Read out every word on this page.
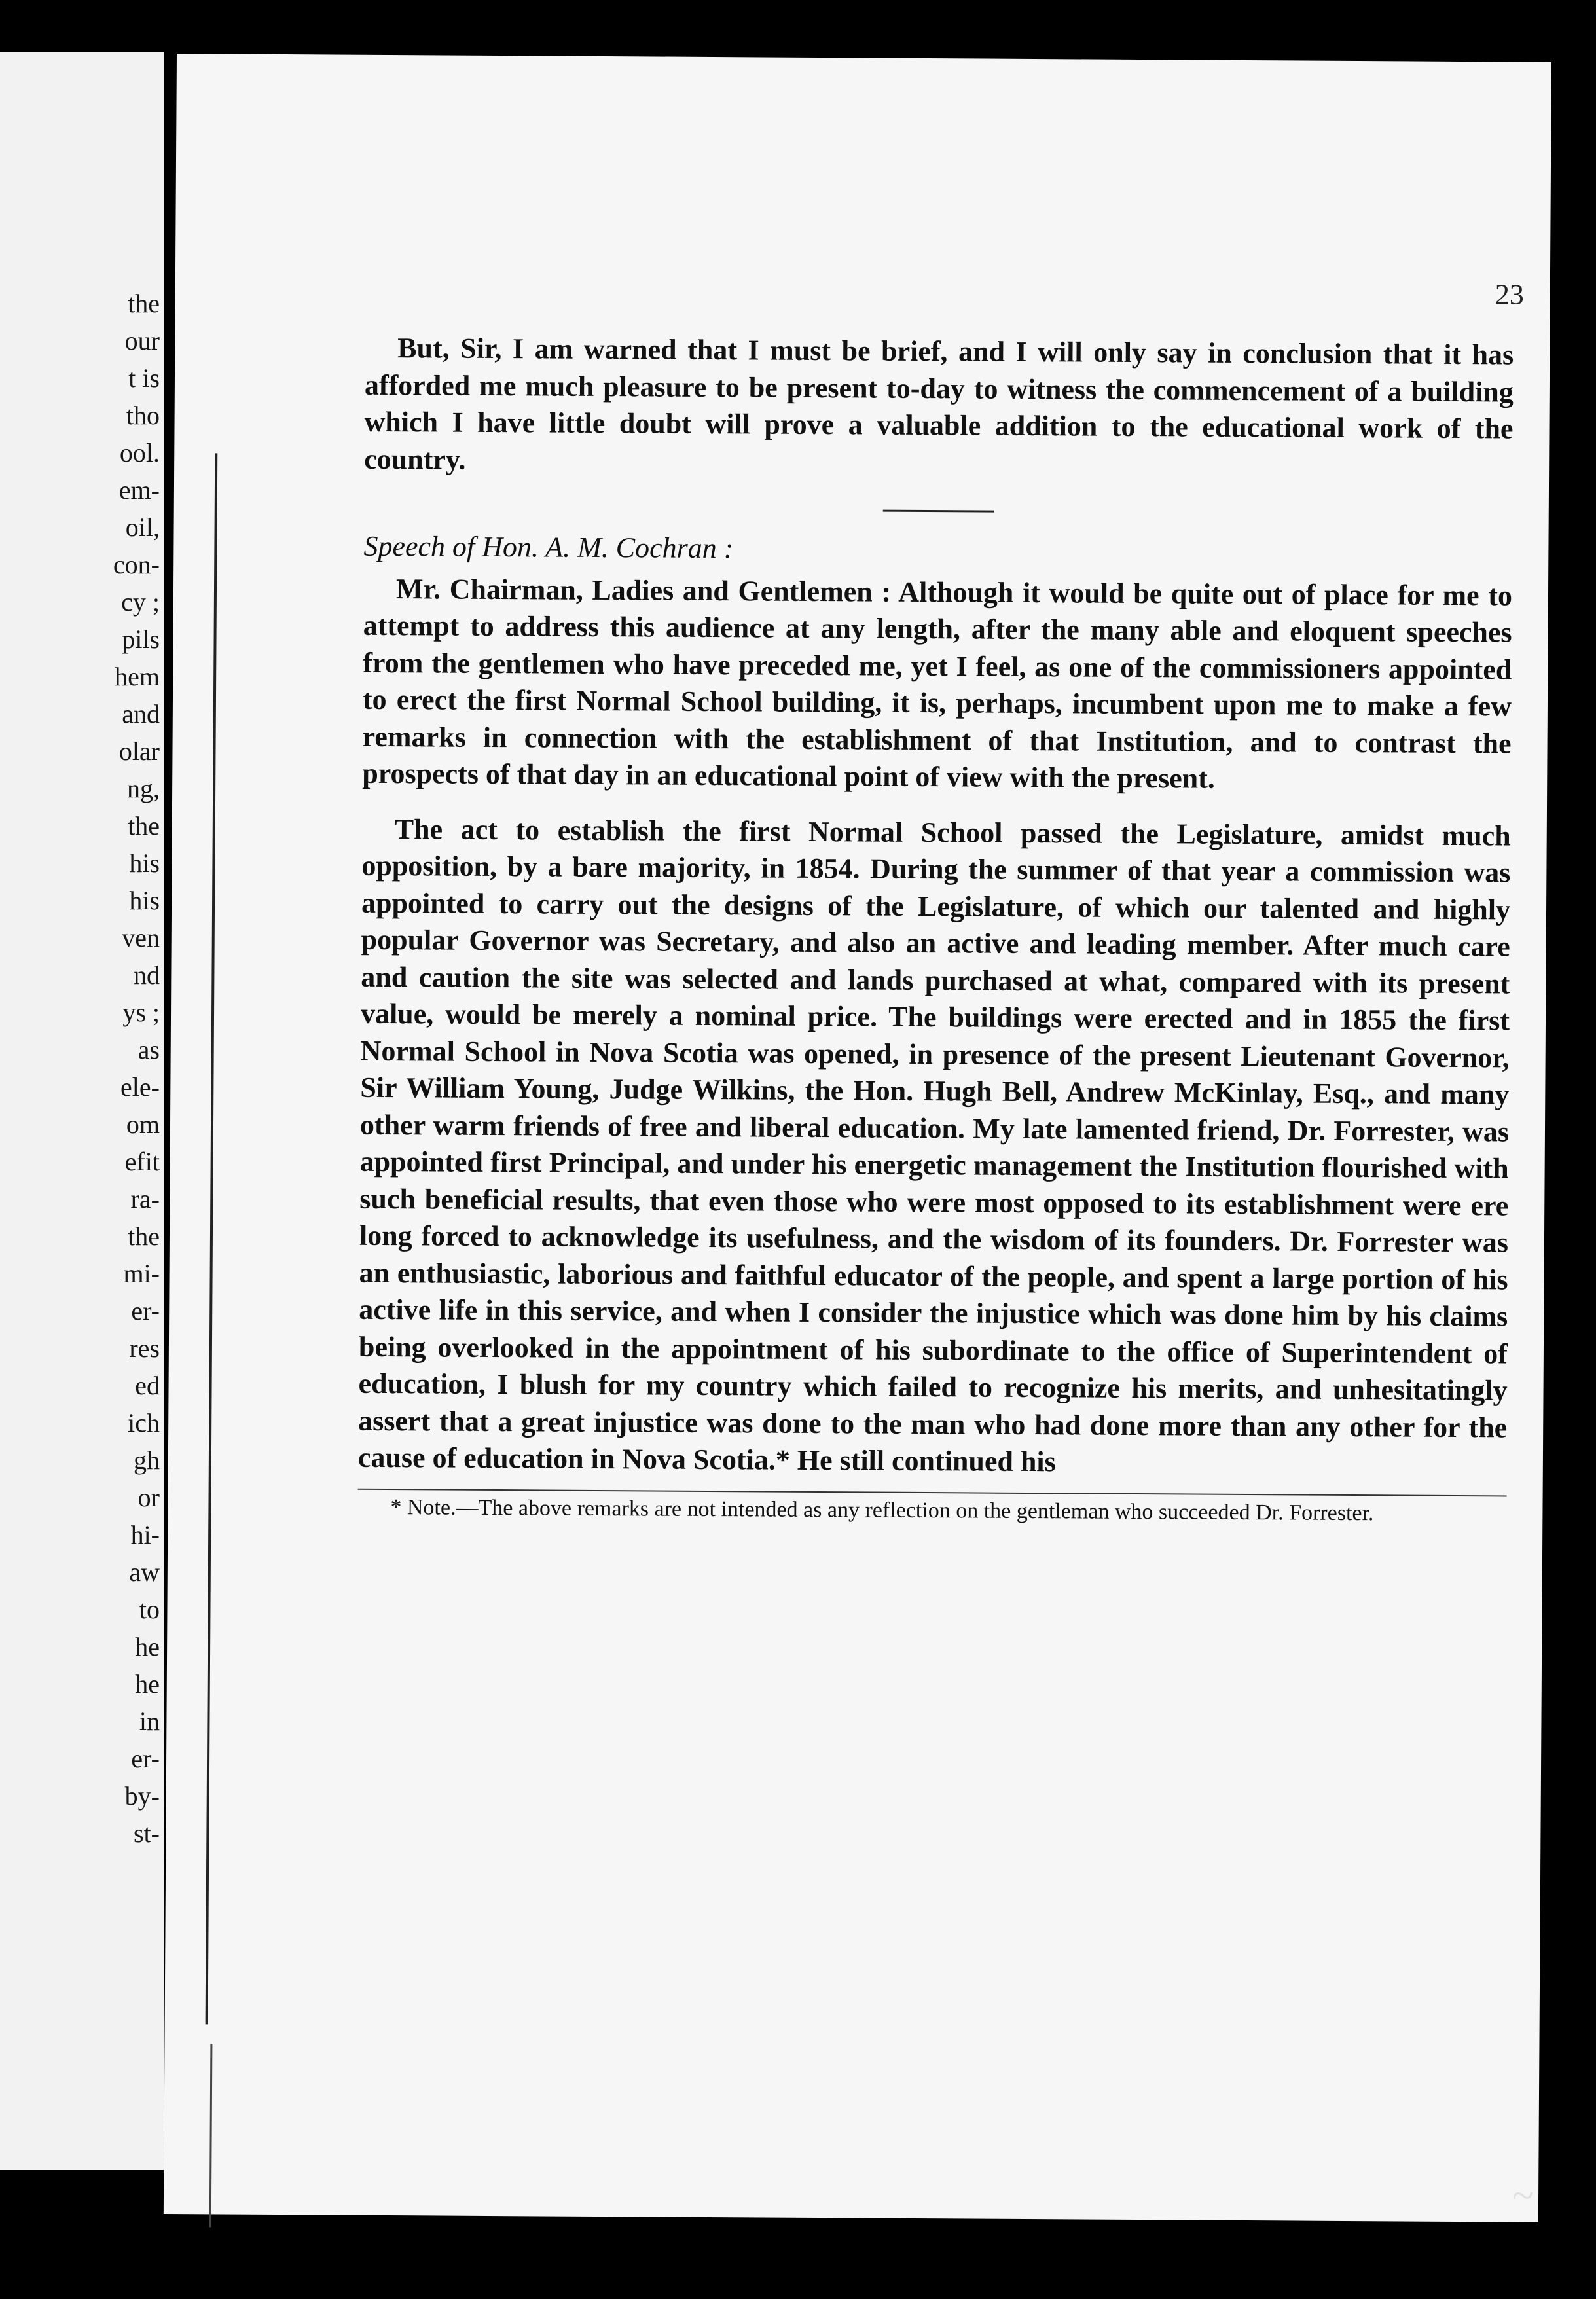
the
our
t is
tho
ool.
em-
oil,
con-
cy ;
pils
hem
and
olar
ng,
the
his
his
ven
nd
ys ;
as
ele-
om
efit
ra-
the
mi-
er-
res
ed
ich
gh
or
hi-
aw
to
he
he
in
er-
by-
st-
23

But, Sir, I am warned that I must be brief, and I will only say in conclusion that it has afforded me much pleasure to be present to-day to witness the commencement of a building which I have little doubt will prove a valuable addition to the educational work of the country.

Speech of Hon. A. M. Cochran :

Mr. Chairman, Ladies and Gentlemen : Although it would be quite out of place for me to attempt to address this audience at any length, after the many able and eloquent speeches from the gentlemen who have preceded me, yet I feel, as one of the commissioners appointed to erect the first Normal School building, it is, perhaps, incumbent upon me to make a few remarks in connection with the establishment of that Institution, and to contrast the prospects of that day in an educational point of view with the present.

The act to establish the first Normal School passed the Legislature, amidst much opposition, by a bare majority, in 1854. During the summer of that year a commission was appointed to carry out the designs of the Legislature, of which our talented and highly popular Governor was Secretary, and also an active and leading member. After much care and caution the site was selected and lands purchased at what, compared with its present value, would be merely a nominal price. The buildings were erected and in 1855 the first Normal School in Nova Scotia was opened, in presence of the present Lieutenant Governor, Sir William Young, Judge Wilkins, the Hon. Hugh Bell, Andrew McKinlay, Esq., and many other warm friends of free and liberal education. My late lamented friend, Dr. Forrester, was appointed first Principal, and under his energetic management the Institution flourished with such beneficial results, that even those who were most opposed to its establishment were ere long forced to acknowledge its usefulness, and the wisdom of its founders. Dr. Forrester was an enthusiastic, laborious and faithful educator of the people, and spent a large portion of his active life in this service, and when I consider the injustice which was done him by his claims being overlooked in the appointment of his subordinate to the office of Superintendent of education, I blush for my country which failed to recognize his merits, and unhesitatingly assert that a great injustice was done to the man who had done more than any other for the cause of education in Nova Scotia.* He still continued his

* Note.—The above remarks are not intended as any reflection on the gentleman who succeeded Dr. Forrester.

~
